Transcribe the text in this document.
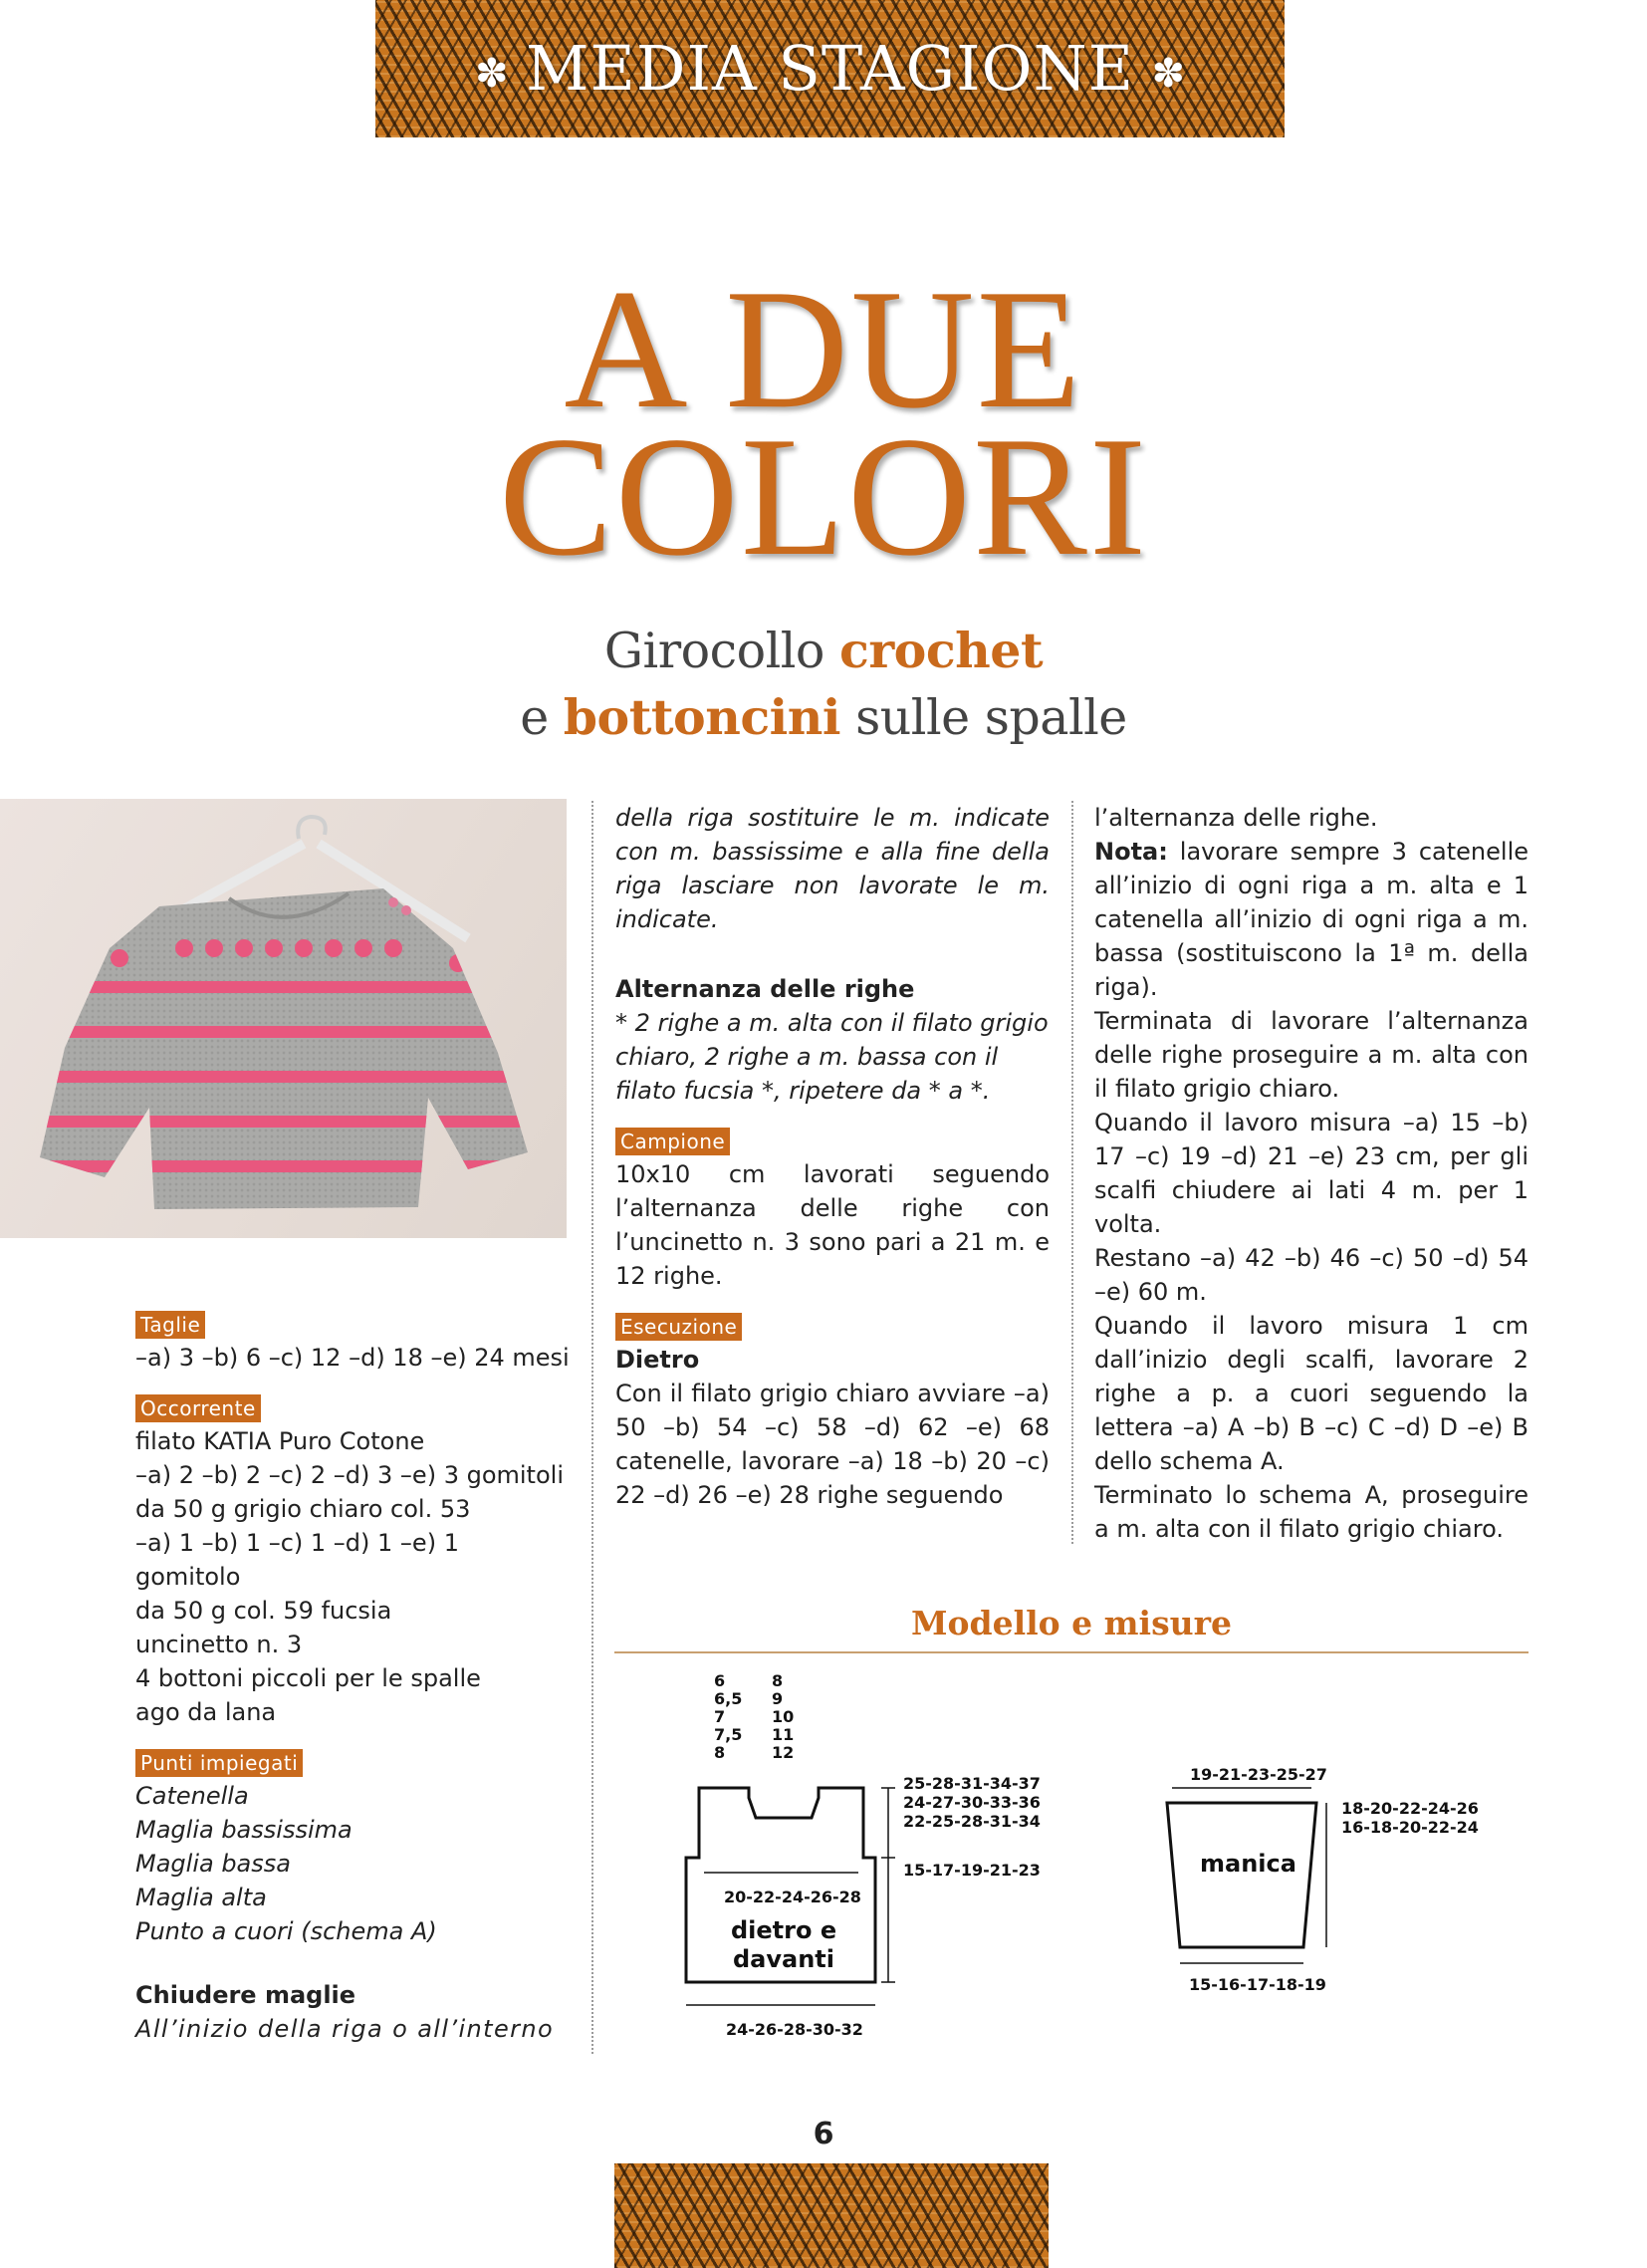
✽ MEDIA STAGIONE ✽
A DUE
COLORI
Girocollo crochet
e bottoncini sulle spalle
Taglie

–a) 3 –b) 6 –c) 12 –d) 18 –e) 24 mesi

Occorrente

filato KATIA Puro Cotone

–a) 2 –b) 2 –c) 2 –d) 3 –e) 3 gomitoli

da 50 g grigio chiaro col. 53

–a) 1 –b) 1 –c) 1 –d) 1 –e) 1 gomitolo

da 50 g col. 59 fucsia

uncinetto n. 3

4 bottoni piccoli per le spalle

ago da lana

Punti impiegati

Catenella

Maglia bassissima

Maglia bassa

Maglia alta

Punto a cuori (schema A)

Chiudere maglie

All’inizio della riga o all’interno

della riga sostituire le m. indicate con m. bassissime e alla fine della riga lasciare non lavorate le m. indicate.

Alternanza delle righe

* 2 righe a m. alta con il filato grigio chiaro, 2 righe a m. bassa con il filato fucsia *, ripetere da * a *.

Campione

10x10 cm lavorati seguendo l’alternanza delle righe con l’uncinetto n. 3 sono pari a 21 m. e 12 righe.

Esecuzione

Dietro

Con il filato grigio chiaro avviare –a) 50 –b) 54 –c) 58 –d) 62 –e) 68 catenelle, lavorare –a) 18 –b) 20 –c) 22 –d) 26 –e) 28 righe seguendo

l’alternanza delle righe.

Nota: lavorare sempre 3 catenelle all’inizio di ogni riga a m. alta e 1 catenella all’inizio di ogni riga a m. bassa (sostituiscono la 1ª m. della riga).

Terminata di lavorare l’alternanza delle righe proseguire a m. alta con il filato grigio chiaro.

Quando il lavoro misura –a) 15 –b) 17 –c) 19 –d) 21 –e) 23 cm, per gli scalfi chiudere ai lati 4 m. per 1 volta.

Restano –a) 42 –b) 46 –c) 50 –d) 54 –e) 60 m.

Quando il lavoro misura 1 cm dall’inizio degli scalfi, lavorare 2 righe a p. a cuori seguendo la lettera –a) A –b) B –c) C –d) D –e) B dello schema A.

Terminato lo schema A, proseguire a m. alta con il filato grigio chiaro.

Modello e misure
6
6,5
7
7,5
8
8
9
10
11
12
20-22-24-26-28
dietro e
davanti
24-26-28-30-32
25-28-31-34-37
24-27-30-33-36
22-25-28-31-34
15-17-19-21-23
19-21-23-25-27
manica
18-20-22-24-26
16-18-20-22-24
15-16-17-18-19
6
